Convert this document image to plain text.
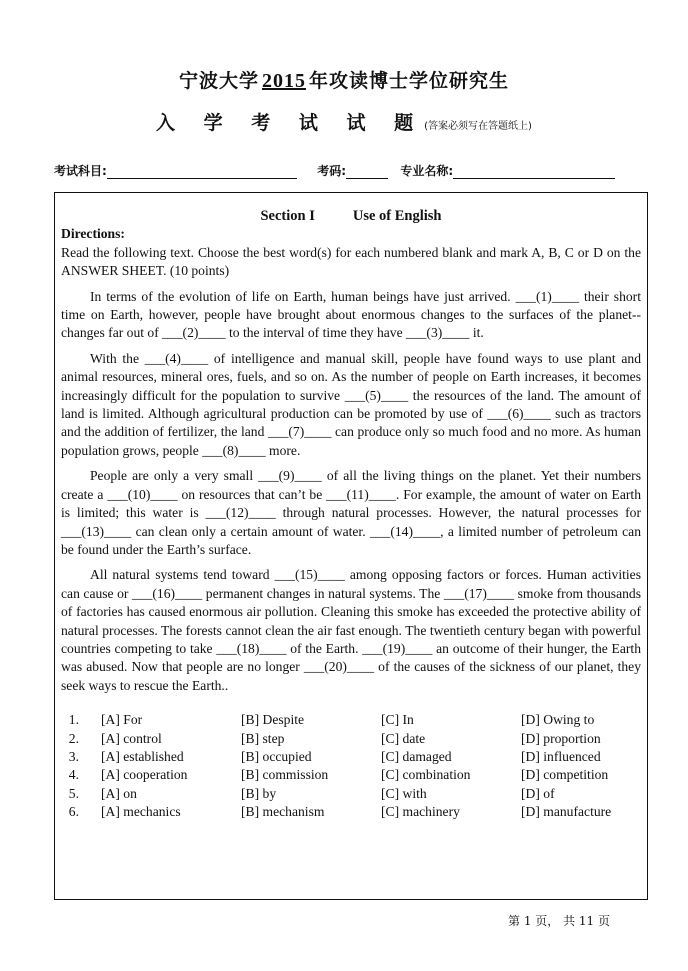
宁波大学 2015 年攻读博士学位研究生
入 学 考 试 试 题(答案必须写在答题纸上)
考试科目:	考码:	专业名称:
Section I	Use of English
Directions:
Read the following text. Choose the best word(s) for each numbered blank and mark A, B, C or D on the ANSWER SHEET. (10 points)
In terms of the evolution of life on Earth, human beings have just arrived. ___(1)____ their short time on Earth, however, people have brought about enormous changes to the surfaces of the planet--changes far out of ___(2)____ to the interval of time they have ___(3)____ it.
With the ___(4)____ of intelligence and manual skill, people have found ways to use plant and animal resources, mineral ores, fuels, and so on. As the number of people on Earth increases, it becomes increasingly difficult for the population to survive ___(5)____ the resources of the land. The amount of land is limited. Although agricultural production can be promoted by use of ___(6)____ such as tractors and the addition of fertilizer, the land ___(7)____ can produce only so much food and no more. As human population grows, people ___(8)____ more.
People are only a very small ___(9)____ of all the living things on the planet. Yet their numbers create a ___(10)____ on resources that can’t be ___(11)____. For example, the amount of water on Earth is limited; this water is ___(12)____ through natural processes. However, the natural processes for ___(13)____ can clean only a certain amount of water. ___(14)____, a limited number of petroleum can be found under the Earth’s surface.
All natural systems tend toward ___(15)____ among opposing factors or forces. Human activities can cause or ___(16)____ permanent changes in natural systems. The ___(17)____ smoke from thousands of factories has caused enormous air pollution. Cleaning this smoke has exceeded the protective ability of natural processes. The forests cannot clean the air fast enough. The twentieth century began with powerful countries competing to take ___(18)____ of the Earth. ___(19)____ an outcome of their hunger, the Earth was abused. Now that people are no longer ___(20)____ of the causes of the sickness of our planet, they seek ways to rescue the Earth..
1. [A] For	[B] Despite	[C] In	[D] Owing to
2. [A] control	[B] step	[C] date	[D] proportion
3. [A] established	[B] occupied	[C] damaged	[D] influenced
4. [A] cooperation	[B] commission	[C] combination	[D] competition
5. [A] on	[B] by	[C] with	[D] of
6. [A] mechanics	[B] mechanism	[C] machinery	[D] manufacture
第 1 页， 共 11 页
